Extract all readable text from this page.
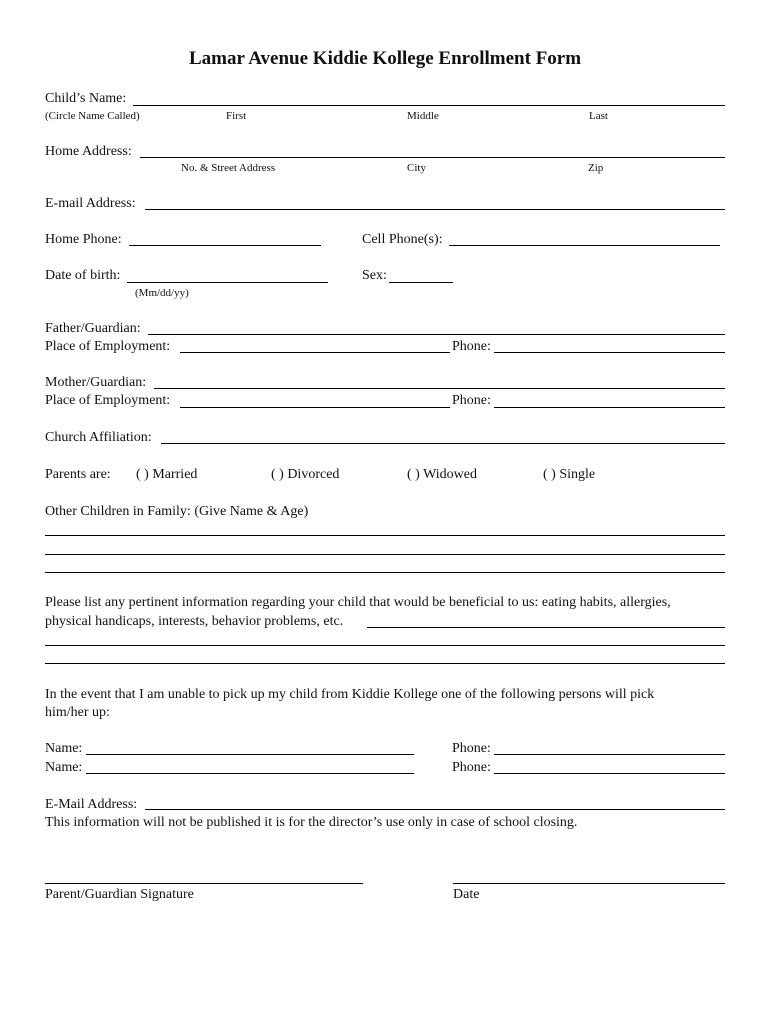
Lamar Avenue Kiddie Kollege Enrollment Form
Child’s Name:
(Circle Name Called)	First	Middle	Last
Home Address:
No. & Street Address	City	Zip
E-mail Address:
Home Phone:	Cell Phone(s):
Date of birth:
(Mm/dd/yy)
Sex:
Father/Guardian:
Place of Employment:	Phone:
Mother/Guardian:
Place of Employment:	Phone:
Church Affiliation:
Parents are: ( ) Married	( ) Divorced	( ) Widowed	( ) Single
Other Children in Family: (Give Name & Age)
Please list any pertinent information regarding your child that would be beneficial to us: eating habits, allergies,
physical handicaps, interests, behavior problems, etc.
In the event that I am unable to pick up my child from Kiddie Kollege one of the following persons will pick
him/her up:
Name:	Phone:
Name:	Phone:
E-Mail Address:
This information will not be published it is for the director’s use only in case of school closing.
Parent/Guardian Signature	Date
